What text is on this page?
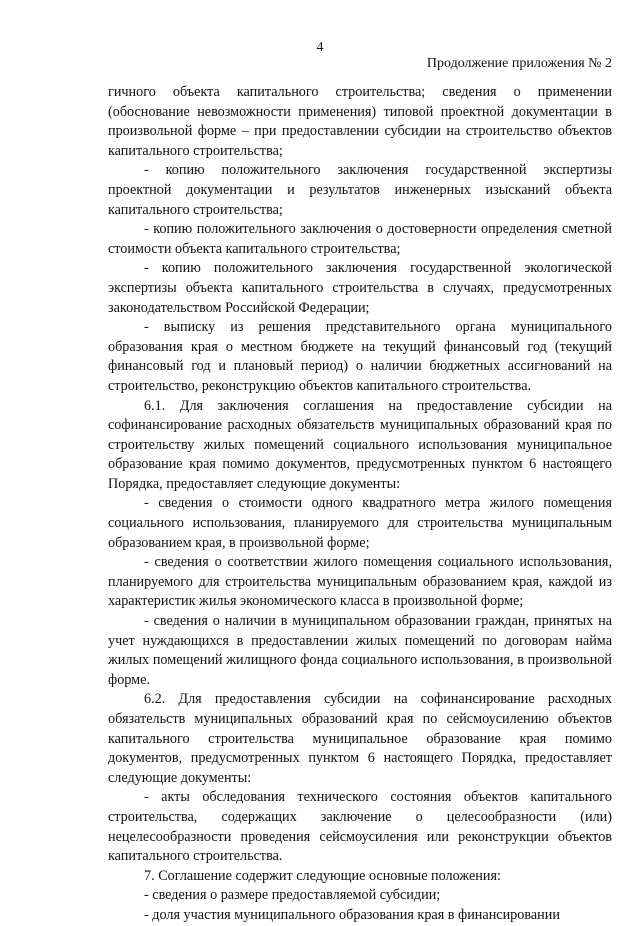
4
Продолжение приложения № 2

гичного объекта капитального строительства; сведения о применении (обоснование невозможности применения) типовой проектной документации в произвольной форме – при предоставлении субсидии на строительство объектов капитального строительства;

- копию положительного заключения государственной экспертизы проектной документации и результатов инженерных изысканий объекта капитального строительства;

- копию положительного заключения о достоверности определения сметной стоимости объекта капитального строительства;

- копию положительного заключения государственной экологической экспертизы объекта капитального строительства в случаях, предусмотренных законодательством Российской Федерации;

- выписку из решения представительного органа муниципального образования края о местном бюджете на текущий финансовый год (текущий финансовый год и плановый период) о наличии бюджетных ассигнований на строительство, реконструкцию объектов капитального строительства.

6.1. Для заключения соглашения на предоставление субсидии на софинансирование расходных обязательств муниципальных образований края по строительству жилых помещений социального использования муниципальное образование края помимо документов, предусмотренных пунктом 6 настоящего Порядка, предоставляет следующие документы:

- сведения о стоимости одного квадратного метра жилого помещения социального использования, планируемого для строительства муниципальным образованием края, в произвольной форме;

- сведения о соответствии жилого помещения социального использования, планируемого для строительства муниципальным образованием края, каждой из характеристик жилья экономического класса в произвольной форме;

- сведения о наличии в муниципальном образовании граждан, принятых на учет нуждающихся в предоставлении жилых помещений по договорам найма жилых помещений жилищного фонда социального использования, в произвольной форме.

6.2. Для предоставления субсидии на софинансирование расходных обязательств муниципальных образований края по сейсмоусилению объектов капитального строительства муниципальное образование края помимо документов, предусмотренных пунктом 6 настоящего Порядка, предоставляет следующие документы:

- акты обследования технического состояния объектов капитального строительства, содержащих заключение о целесообразности (или) нецелесообразности проведения сейсмоусиления или реконструкции объектов капитального строительства.

7. Соглашение содержит следующие основные положения:

- сведения о размере предоставляемой субсидии;

- доля участия муниципального образования края в финансировании
